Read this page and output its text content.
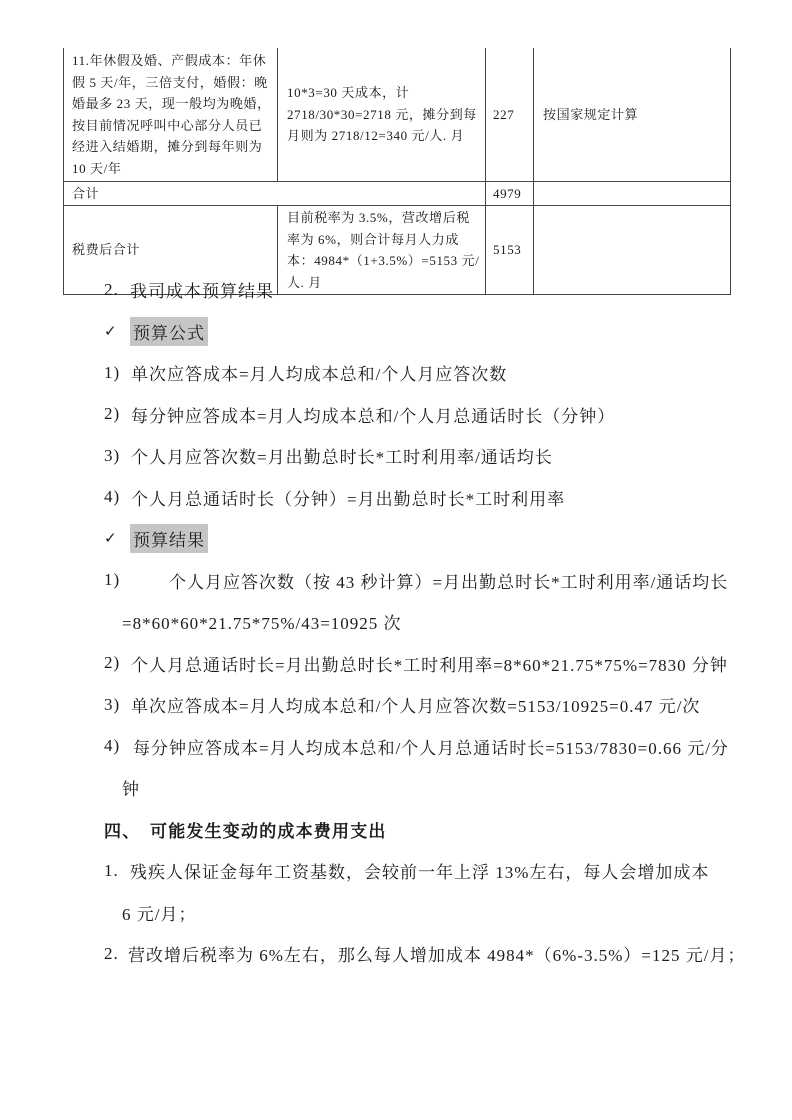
11.年休假及婚、产假成本：年休假 5 天/年，三倍支付，婚假：晚婚最多 23 天，现一般均为晚婚，按目前情况呼叫中心部分人员已经进入结婚期，摊分到每年则为 10 天/年	10*3=30 天成本，计 2718/30*30=2718 元，摊分到每月则为 2718/12=340 元/人. 月	227	按国家规定计算
合计		4979	
税费后合计	目前税率为 3.5%，营改增后税率为 6%，则合计每月人力成本：4984*（1+3.5%）=5153 元/人. 月	5153	
2. 我司成本预算结果
✓ 预算公式
1) 单次应答成本=月人均成本总和/个人月应答次数
2) 每分钟应答成本=月人均成本总和/个人月总通话时长（分钟）
3) 个人月应答次数=月出勤总时长*工时利用率/通话均长
4) 个人月总通话时长（分钟）=月出勤总时长*工时利用率
✓ 预算结果
1)	个人月应答次数（按 43 秒计算）=月出勤总时长*工时利用率/通话均长
=8*60*60*21.75*75%/43=10925 次
2) 个人月总通话时长=月出勤总时长*工时利用率=8*60*21.75*75%=7830 分钟
3) 单次应答成本=月人均成本总和/个人月应答次数=5153/10925=0.47 元/次
4) 每分钟应答成本=月人均成本总和/个人月总通话时长=5153/7830=0.66 元/分
钟
四、 可能发生变动的成本费用支出
1. 残疾人保证金每年工资基数，会较前一年上浮 13%左右，每人会增加成本
6 元/月；
2. 营改增后税率为 6%左右，那么每人增加成本 4984*（6%-3.5%）=125 元/月；
